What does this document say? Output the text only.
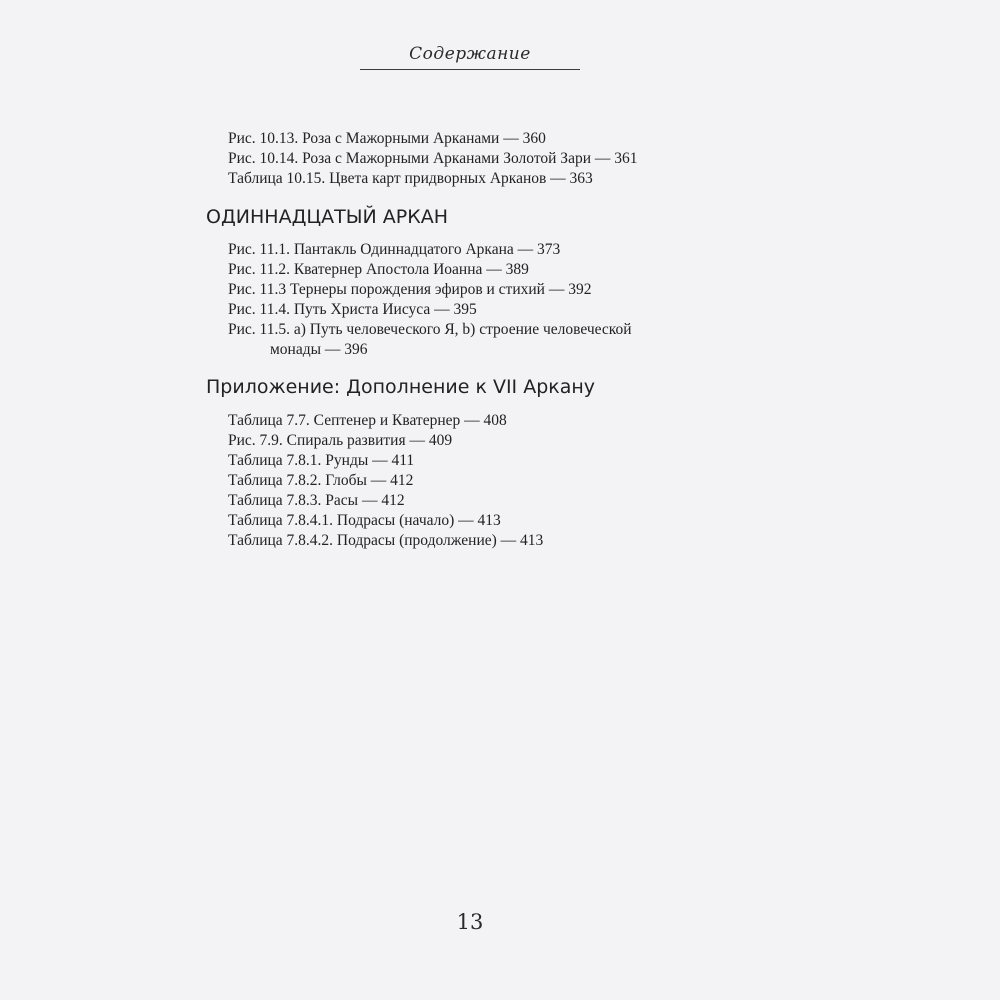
Содержание
Рис. 10.13. Роза с Мажорными Арканами — 360
Рис. 10.14. Роза с Мажорными Арканами Золотой Зари — 361
Таблица 10.15. Цвета карт придворных Арканов — 363
ОДИННАДЦАТЫЙ АРКАН
Рис. 11.1. Пантакль Одиннадцатого Аркана — 373
Рис. 11.2. Кватернер Апостола Иоанна — 389
Рис. 11.3 Тернеры порождения эфиров и стихий — 392
Рис. 11.4. Путь Христа Иисуса — 395
Рис. 11.5. а) Путь человеческого Я, b) строение человеческой
монады — 396
Приложение: Дополнение к VII Аркану
Таблица 7.7. Септенер и Кватернер — 408
Рис. 7.9. Спираль развития — 409
Таблица 7.8.1. Рунды — 411
Таблица 7.8.2. Глобы — 412
Таблица 7.8.3. Расы — 412
Таблица 7.8.4.1. Подрасы (начало) — 413
Таблица 7.8.4.2. Подрасы (продолжение) — 413
13
